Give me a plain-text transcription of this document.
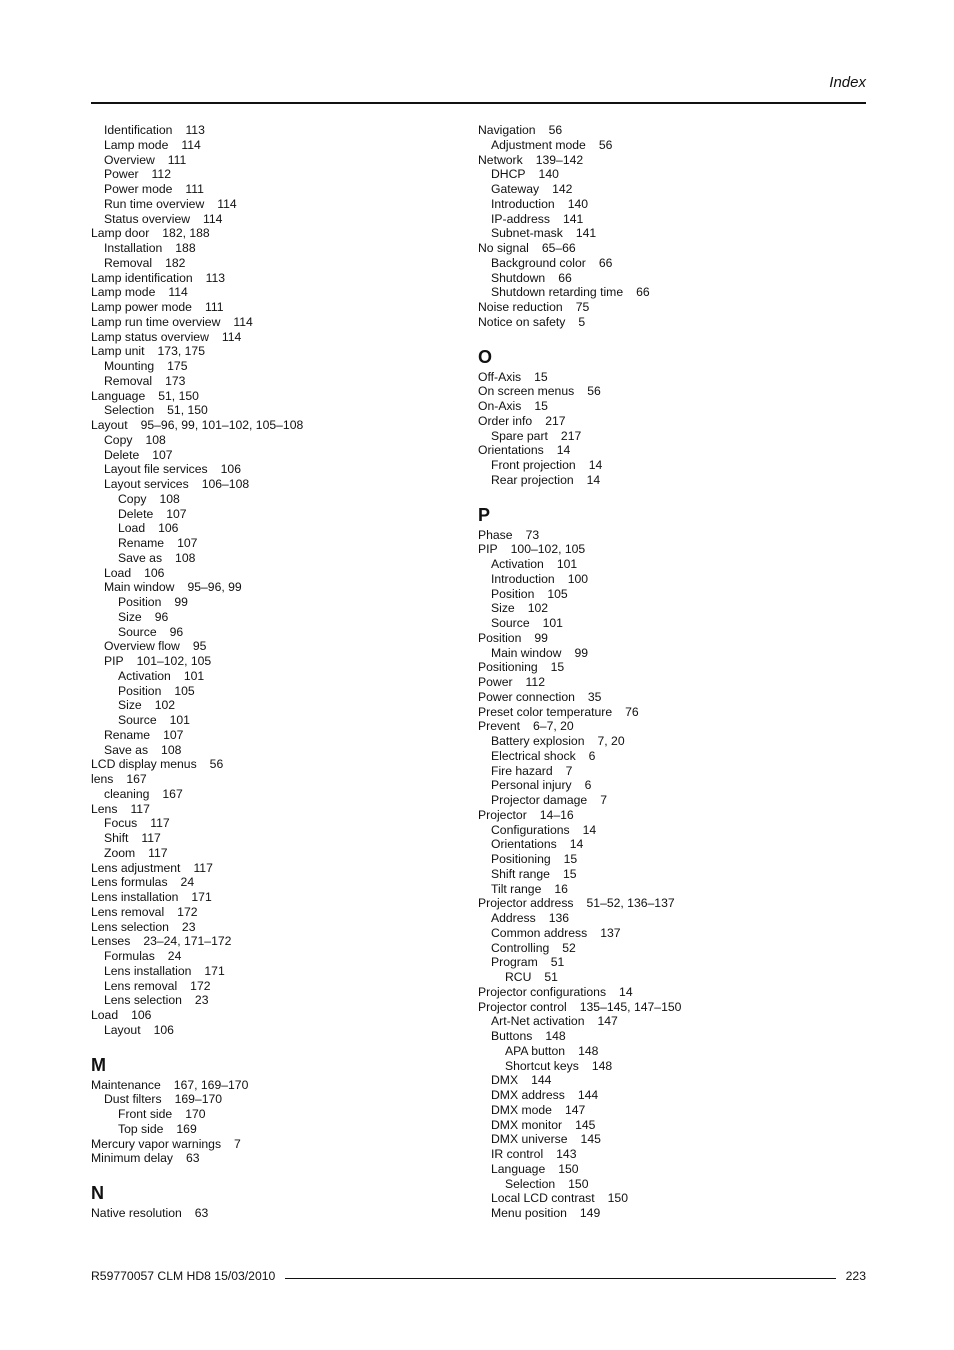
Index
Identification 113
Lamp mode 114
Overview 111
Power 112
Power mode 111
Run time overview 114
Status overview 114
Lamp door 182, 188
Installation 188
Removal 182
Lamp identification 113
Lamp mode 114
Lamp power mode 111
Lamp run time overview 114
Lamp status overview 114
Lamp unit 173, 175
Mounting 175
Removal 173
Language 51, 150
Selection 51, 150
Layout 95–96, 99, 101–102, 105–108
Copy 108
Delete 107
Layout file services 106
Layout services 106–108
Copy 108
Delete 107
Load 106
Rename 107
Save as 108
Load 106
Main window 95–96, 99
Position 99
Size 96
Source 96
Overview flow 95
PIP 101–102, 105
Activation 101
Position 105
Size 102
Source 101
Rename 107
Save as 108
LCD display menus 56
lens 167
cleaning 167
Lens 117
Focus 117
Shift 117
Zoom 117
Lens adjustment 117
Lens formulas 24
Lens installation 171
Lens removal 172
Lens selection 23
Lenses 23–24, 171–172
Formulas 24
Lens installation 171
Lens removal 172
Lens selection 23
Load 106
Layout 106
M
Maintenance 167, 169–170
Dust filters 169–170
Front side 170
Top side 169
Mercury vapor warnings 7
Minimum delay 63
N
Native resolution 63
Navigation 56
Adjustment mode 56
Network 139–142
DHCP 140
Gateway 142
Introduction 140
IP-address 141
Subnet-mask 141
No signal 65–66
Background color 66
Shutdown 66
Shutdown retarding time 66
Noise reduction 75
Notice on safety 5
O
Off-Axis 15
On screen menus 56
On-Axis 15
Order info 217
Spare part 217
Orientations 14
Front projection 14
Rear projection 14
P
Phase 73
PIP 100–102, 105
Activation 101
Introduction 100
Position 105
Size 102
Source 101
Position 99
Main window 99
Positioning 15
Power 112
Power connection 35
Preset color temperature 76
Prevent 6–7, 20
Battery explosion 7, 20
Electrical shock 6
Fire hazard 7
Personal injury 6
Projector damage 7
Projector 14–16
Configurations 14
Orientations 14
Positioning 15
Shift range 15
Tilt range 16
Projector address 51–52, 136–137
Address 136
Common address 137
Controlling 52
Program 51
RCU 51
Projector configurations 14
Projector control 135–145, 147–150
Art-Net activation 147
Buttons 148
APA button 148
Shortcut keys 148
DMX 144
DMX address 144
DMX mode 147
DMX monitor 145
DMX universe 145
IR control 143
Language 150
Selection 150
Local LCD contrast 150
Menu position 149
R59770057 CLM HD8 15/03/2010	223
